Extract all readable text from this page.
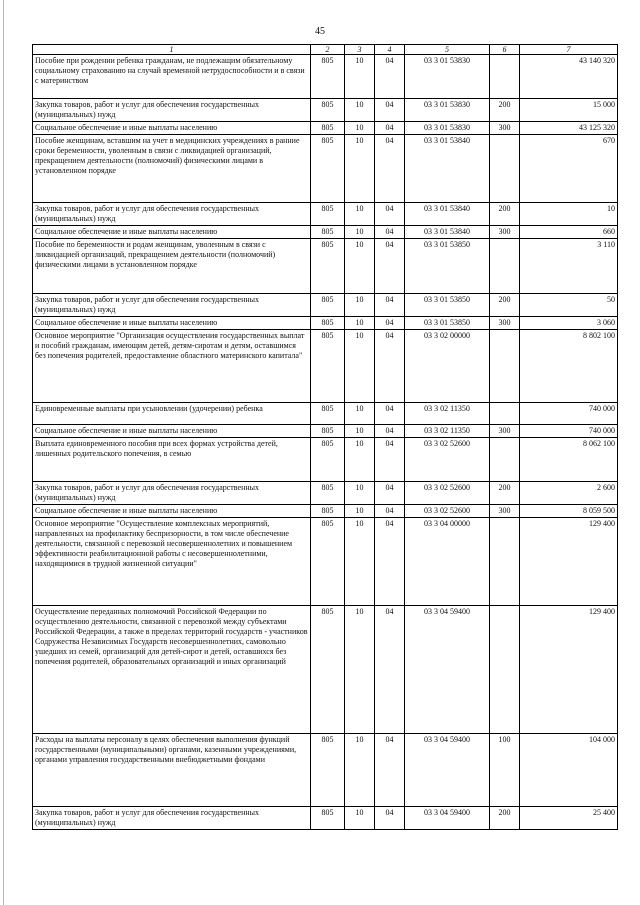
45
1	2	3	4	5	6	7
Пособие при рождении ребенка гражданам, не подлежащим обязательному социальному страхованию на случай временной нетрудоспособности и в связи с материнством	805	10	04	03 3 01 53830		43 140 320
Закупка товаров, работ и услуг для обеспечения государственных (муниципальных) нужд	805	10	04	03 3 01 53830	200	15 000
Социальное обеспечение и иные выплаты населению	805	10	04	03 3 01 53830	300	43 125 320
Пособие женщинам, вставшим на учет в медицинских учреждениях в ранние сроки беременности, уволенным в связи с ликвидацией организаций, прекращением деятельности (полномочий) физическими лицами в установленном порядке	805	10	04	03 3 01 53840		670
Закупка товаров, работ и услуг для обеспечения государственных (муниципальных) нужд	805	10	04	03 3 01 53840	200	10
Социальное обеспечение и иные выплаты населению	805	10	04	03 3 01 53840	300	660
Пособие по беременности и родам женщинам, уволенным в связи с ликвидацией организаций, прекращением деятельности (полномочий) физическими лицами в установленном порядке	805	10	04	03 3 01 53850		3 110
Закупка товаров, работ и услуг для обеспечения государственных (муниципальных) нужд	805	10	04	03 3 01 53850	200	50
Социальное обеспечение и иные выплаты населению	805	10	04	03 3 01 53850	300	3 060
Основное мероприятие "Организация осуществления государственных выплат и пособий гражданам, имеющим детей, детям-сиротам и детям, оставшимся без попечения родителей, предоставление областного материнского капитала"	805	10	04	03 3 02 00000		8 802 100
Единовременные выплаты при усыновлении (удочерении) ребенка	805	10	04	03 3 02 11350		740 000
Социальное обеспечение и иные выплаты населению	805	10	04	03 3 02 11350	300	740 000
Выплата единовременного пособия при всех формах устройства детей, лишенных родительского попечения, в семью	805	10	04	03 3 02 52600		8 062 100
Закупка товаров, работ и услуг для обеспечения государственных (муниципальных) нужд	805	10	04	03 3 02 52600	200	2 600
Социальное обеспечение и иные выплаты населению	805	10	04	03 3 02 52600	300	8 059 500
Основное мероприятие "Осуществление комплексных мероприятий, направленных на профилактику беспризорности, в том числе обеспечение деятельности, связанной с перевозкой несовершеннолетних и повышением эффективности реабилитационной работы с несовершеннолетними, находящимися в трудной жизненной ситуации"	805	10	04	03 3 04 00000		129 400
Осуществление переданных полномочий Российской Федерации по осуществлению деятельности, связанной с перевозкой между субъектами Российской Федерации, а также в пределах территорий государств - участников Содружества Независимых Государств несовершеннолетних, самовольно ушедших из семей, организаций для детей-сирот и детей, оставшихся без попечения родителей, образовательных организаций и иных организаций	805	10	04	03 3 04 59400		129 400
Расходы на выплаты персоналу в целях обеспечения выполнения функций государственными (муниципальными) органами, казенными учреждениями, органами управления государственными внебюджетными фондами	805	10	04	03 3 04 59400	100	104 000
Закупка товаров, работ и услуг для обеспечения государственных (муниципальных) нужд	805	10	04	03 3 04 59400	200	25 400
